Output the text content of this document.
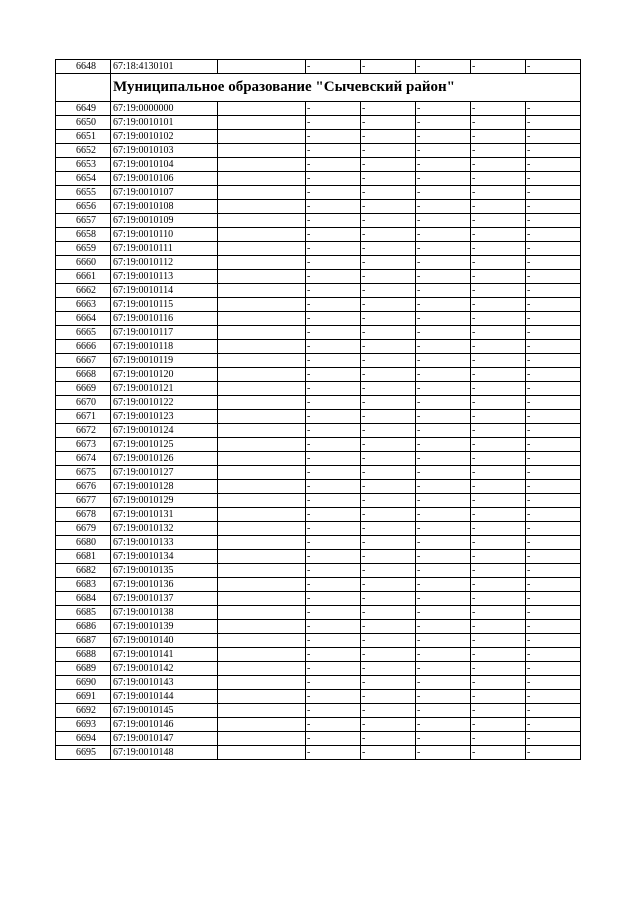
6648	67:18:4130101		-	-	-	-	-
	Муниципальное образование "Сычевский район"						
6649	67:19:0000000		-	-	-	-	-
6650	67:19:0010101		-	-	-	-	-
6651	67:19:0010102		-	-	-	-	-
6652	67:19:0010103		-	-	-	-	-
6653	67:19:0010104		-	-	-	-	-
6654	67:19:0010106		-	-	-	-	-
6655	67:19:0010107		-	-	-	-	-
6656	67:19:0010108		-	-	-	-	-
6657	67:19:0010109		-	-	-	-	-
6658	67:19:0010110		-	-	-	-	-
6659	67:19:0010111		-	-	-	-	-
6660	67:19:0010112		-	-	-	-	-
6661	67:19:0010113		-	-	-	-	-
6662	67:19:0010114		-	-	-	-	-
6663	67:19:0010115		-	-	-	-	-
6664	67:19:0010116		-	-	-	-	-
6665	67:19:0010117		-	-	-	-	-
6666	67:19:0010118		-	-	-	-	-
6667	67:19:0010119		-	-	-	-	-
6668	67:19:0010120		-	-	-	-	-
6669	67:19:0010121		-	-	-	-	-
6670	67:19:0010122		-	-	-	-	-
6671	67:19:0010123		-	-	-	-	-
6672	67:19:0010124		-	-	-	-	-
6673	67:19:0010125		-	-	-	-	-
6674	67:19:0010126		-	-	-	-	-
6675	67:19:0010127		-	-	-	-	-
6676	67:19:0010128		-	-	-	-	-
6677	67:19:0010129		-	-	-	-	-
6678	67:19:0010131		-	-	-	-	-
6679	67:19:0010132		-	-	-	-	-
6680	67:19:0010133		-	-	-	-	-
6681	67:19:0010134		-	-	-	-	-
6682	67:19:0010135		-	-	-	-	-
6683	67:19:0010136		-	-	-	-	-
6684	67:19:0010137		-	-	-	-	-
6685	67:19:0010138		-	-	-	-	-
6686	67:19:0010139		-	-	-	-	-
6687	67:19:0010140		-	-	-	-	-
6688	67:19:0010141		-	-	-	-	-
6689	67:19:0010142		-	-	-	-	-
6690	67:19:0010143		-	-	-	-	-
6691	67:19:0010144		-	-	-	-	-
6692	67:19:0010145		-	-	-	-	-
6693	67:19:0010146		-	-	-	-	-
6694	67:19:0010147		-	-	-	-	-
6695	67:19:0010148		-	-	-	-	-
